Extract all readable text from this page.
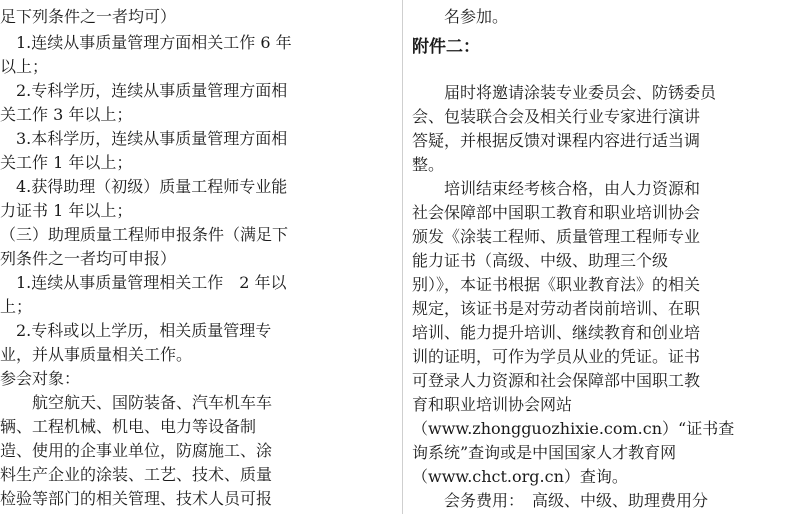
足下列条件之一者均可）
　1.连续从事质量管理方面相关工作 6 年
以上；
　2.专科学历，连续从事质量管理方面相
关工作 3 年以上；
　3.本科学历，连续从事质量管理方面相
关工作 1 年以上；
　4.获得助理（初级）质量工程师专业能
力证书 1 年以上；
（三）助理质量工程师申报条件（满足下
列条件之一者均可申报）
　1.连续从事质量管理相关工作　2 年以
上；
　2.专科或以上学历，相关质量管理专
业，并从事质量相关工作。
参会对象：
　　航空航天、国防装备、汽车机车车
辆、工程机械、机电、电力等设备制
造、使用的企事业单位，防腐施工、涂
料生产企业的涂装、工艺、技术、质量
检验等部门的相关管理、技术人员可报
　　名参加。
附件二：
　　届时将邀请涂装专业委员会、防锈委员
会、包装联合会及相关行业专家进行演讲
答疑，并根据反馈对课程内容进行适当调
整。
　　培训结束经考核合格，由人力资源和
社会保障部中国职工教育和职业培训协会
颁发《涂装工程师、质量管理工程师专业
能力证书（高级、中级、助理三个级
别）》，本证书根据《职业教育法》的相关
规定，该证书是对劳动者岗前培训、在职
培训、能力提升培训、继续教育和创业培
训的证明，可作为学员从业的凭证。证书
可登录人力资源和社会保障部中国职工教
育和职业培训协会网站
（www.zhongguozhixie.com.cn）“证书查
询系统”查询或是中国国家人才教育网
（www.chct.org.cn）查询。
　　会务费用：　高级、中级、助理费用分
